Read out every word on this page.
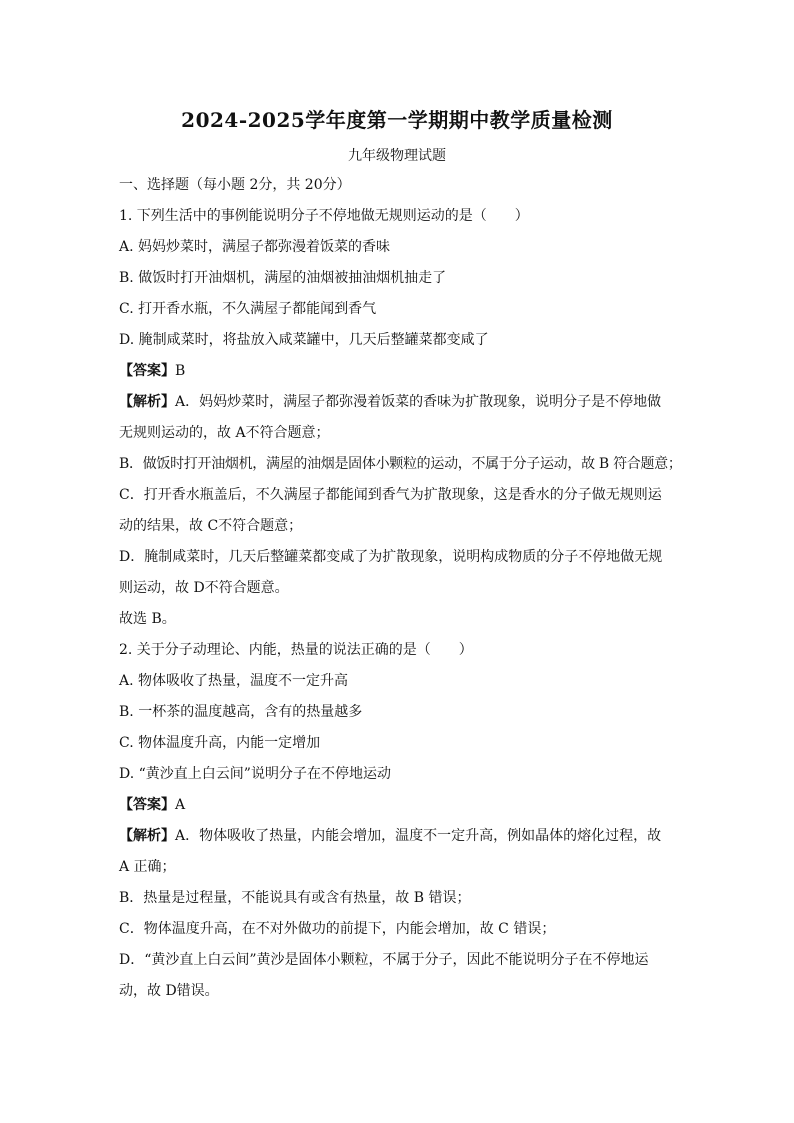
2024-2025学年度第一学期期中教学质量检测
九年级物理试题
一、选择题（每小题 2分，共 20分）
1. 下列生活中的事例能说明分子不停地做无规则运动的是（　　）
A. 妈妈炒菜时，满屋子都弥漫着饭菜的香味
B. 做饭时打开油烟机，满屋的油烟被抽油烟机抽走了
C. 打开香水瓶，不久满屋子都能闻到香气
D. 腌制咸菜时，将盐放入咸菜罐中，几天后整罐菜都变咸了
【答案】B
【解析】A．妈妈炒菜时，满屋子都弥漫着饭菜的香味为扩散现象，说明分子是不停地做
无规则运动的，故 A不符合题意；
B．做饭时打开油烟机，满屋的油烟是固体小颗粒的运动，不属于分子运动，故 B 符合题意；
C．打开香水瓶盖后，不久满屋子都能闻到香气为扩散现象，这是香水的分子做无规则运
动的结果，故 C不符合题意；
D．腌制咸菜时，几天后整罐菜都变咸了为扩散现象，说明构成物质的分子不停地做无规
则运动，故 D不符合题意。
故选 B。
2. 关于分子动理论、内能，热量的说法正确的是（　　）
A. 物体吸收了热量，温度不一定升高
B. 一杯茶的温度越高，含有的热量越多
C. 物体温度升高，内能一定增加
D. “黄沙直上白云间”说明分子在不停地运动
【答案】A
【解析】A．物体吸收了热量，内能会增加，温度不一定升高，例如晶体的熔化过程，故
A 正确；
B．热量是过程量，不能说具有或含有热量，故 B 错误；
C．物体温度升高，在不对外做功的前提下，内能会增加，故 C 错误；
D．“黄沙直上白云间”黄沙是固体小颗粒，不属于分子，因此不能说明分子在不停地运
动，故 D错误。
